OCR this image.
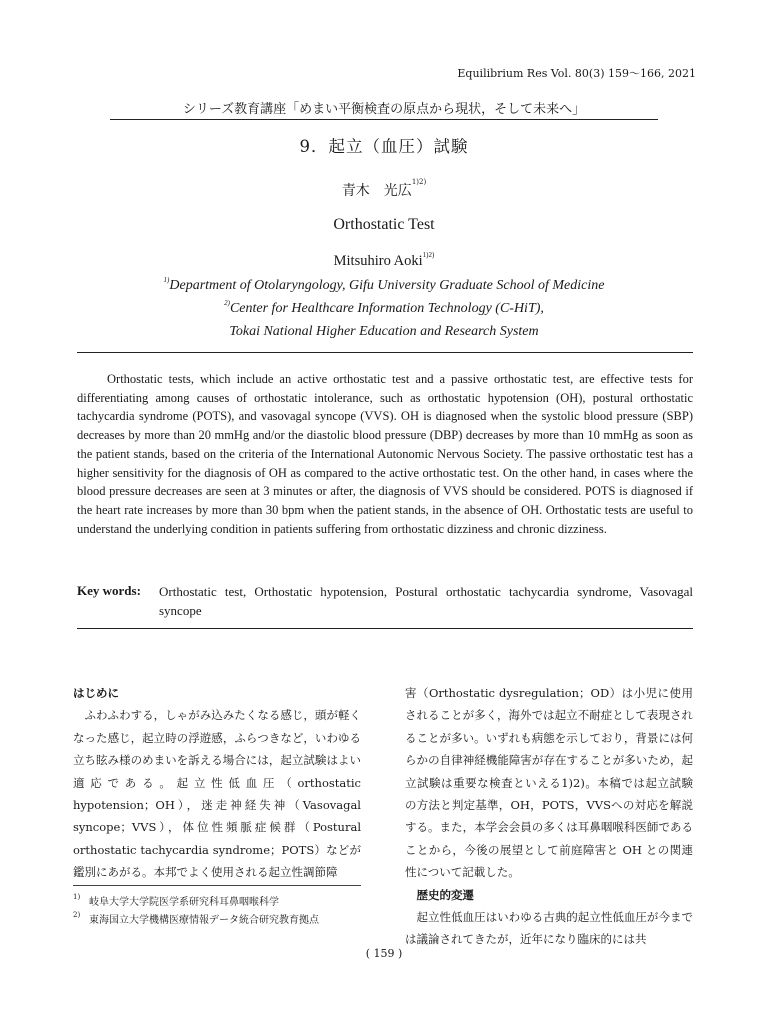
Equilibrium Res Vol. 80(3) 159〜166, 2021
シリーズ教育講座「めまい平衡検査の原点から現状，そして未来へ」
9．起立（血圧）試験
青木　光広$^{1)2)}$
Orthostatic Test
Mitsuhiro Aoki$^{1)2)}$
$^{1)}$Department of Otolaryngology, Gifu University Graduate School of Medicine
$^{2)}$Center for Healthcare Information Technology (C-HiT),
Tokai National Higher Education and Research System
Orthostatic tests, which include an active orthostatic test and a passive orthostatic test, are effective tests for differentiating among causes of orthostatic intolerance, such as orthostatic hypotension (OH), postural orthostatic tachycardia syndrome (POTS), and vasovagal syncope (VVS). OH is diagnosed when the systolic blood pressure (SBP) decreases by more than 20 mmHg and/or the diastolic blood pressure (DBP) decreases by more than 10 mmHg as soon as the patient stands, based on the criteria of the International Autonomic Nervous Society. The passive orthostatic test has a higher sensitivity for the diagnosis of OH as compared to the active orthostatic test. On the other hand, in cases where the blood pressure decreases are seen at 3 minutes or after, the diagnosis of VVS should be considered. POTS is diagnosed if the heart rate increases by more than 30 bpm when the patient stands, in the absence of OH. Orthostatic tests are useful to understand the underlying condition in patients suffering from orthostatic dizziness and chronic dizziness.
Key words: Orthostatic test, Orthostatic hypotension, Postural orthostatic tachycardia syndrome, Vasovagal syncope
はじめに

ふわふわする，しゃがみ込みたくなる感じ，頭が軽くなった感じ，起立時の浮遊感，ふらつきなど，いわゆる立ち眩み様のめまいを訴える場合には，起立試験はよい適応である。起立性低血圧（orthostatic hypotension；OH），迷走神経失神（Vasovagal syncope；VVS），体位性頻脈症候群（Postural orthostatic tachycardia syndrome；POTS）などが鑑別にあがる。本邦でよく使用される起立性調節障

害（Orthostatic dysregulation；OD）は小児に使用されることが多く，海外では起立不耐症として表現されることが多い。いずれも病態を示しており，背景には何らかの自律神経機能障害が存在することが多いため，起立試験は重要な検査といえる1)2)。本稿では起立試験の方法と判定基準，OH，POTS，VVSへの対応を解説する。また，本学会会員の多くは耳鼻咽喉科医師であることから，今後の展望として前庭障害と OH との関連性について記載した。

歴史的変遷

起立性低血圧はいわゆる古典的起立性低血圧が今までは議論されてきたが，近年になり臨床的には共

1) 岐阜大学大学院医学系研究科耳鼻咽喉科学
2) 東海国立大学機構医療情報データ統合研究教育拠点
( 159 )
